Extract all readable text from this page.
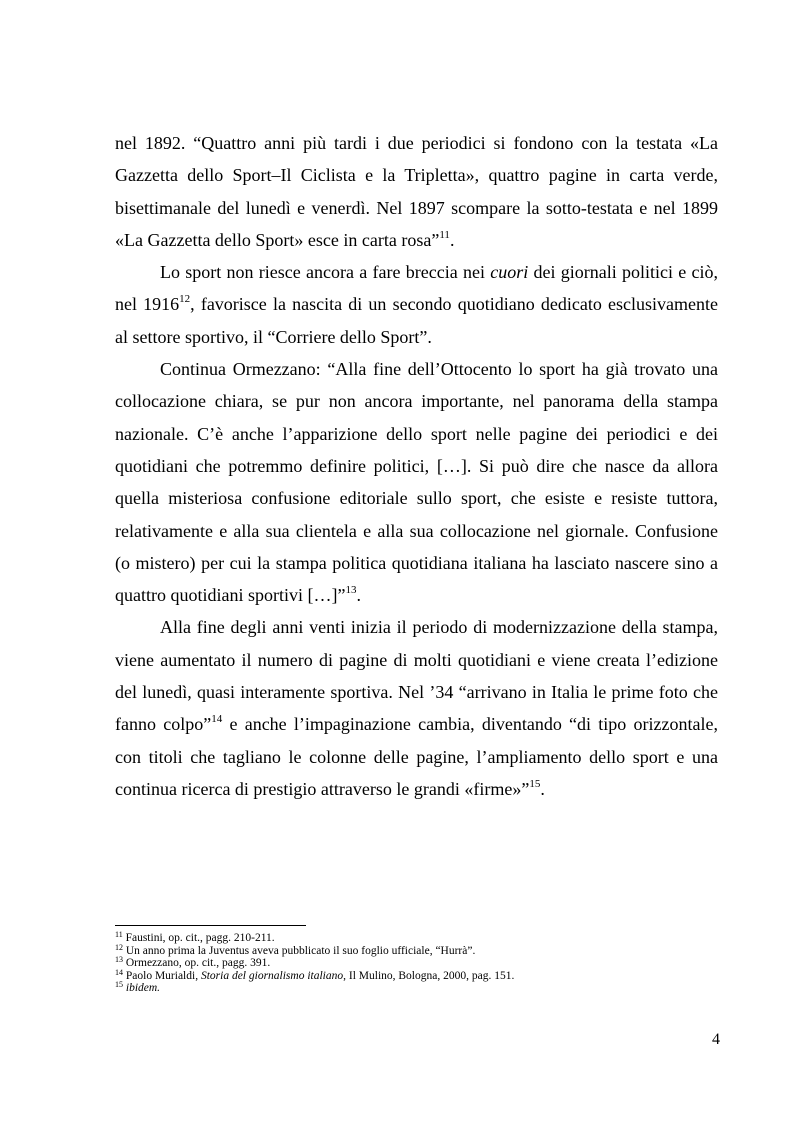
nel 1892. “Quattro anni più tardi i due periodici si fondono con la testata «La Gazzetta dello Sport–Il Ciclista e la Tripletta», quattro pagine in carta verde, bisettimanale del lunedì e venerdì. Nel 1897 scompare la sotto-testata e nel 1899 «La Gazzetta dello Sport» esce in carta rosa”$^{11}$.

Lo sport non riesce ancora a fare breccia nei cuori dei giornali politici e ciò, nel 1916$^{12}$, favorisce la nascita di un secondo quotidiano dedicato esclusivamente al settore sportivo, il “Corriere dello Sport”.

Continua Ormezzano: “Alla fine dell’Ottocento lo sport ha già trovato una collocazione chiara, se pur non ancora importante, nel panorama della stampa nazionale. C’è anche l’apparizione dello sport nelle pagine dei periodici e dei quotidiani che potremmo definire politici, […]. Si può dire che nasce da allora quella misteriosa confusione editoriale sullo sport, che esiste e resiste tuttora, relativamente e alla sua clientela e alla sua collocazione nel giornale. Confusione (o mistero) per cui la stampa politica quotidiana italiana ha lasciato nascere sino a quattro quotidiani sportivi […]”$^{13}$.

Alla fine degli anni venti inizia il periodo di modernizzazione della stampa, viene aumentato il numero di pagine di molti quotidiani e viene creata l’edizione del lunedì, quasi interamente sportiva. Nel ’34 “arrivano in Italia le prime foto che fanno colpo”$^{14}$ e anche l’impaginazione cambia, diventando “di tipo orizzontale, con titoli che tagliano le colonne delle pagine, l’ampliamento dello sport e una continua ricerca di prestigio attraverso le grandi «firme»”$^{15}$.

$^{11}$ Faustini, op. cit., pagg. 210-211.

$^{12}$ Un anno prima la Juventus aveva pubblicato il suo foglio ufficiale, “Hurrà”.

$^{13}$ Ormezzano, op. cit., pagg. 391.

$^{14}$ Paolo Murialdi, Storia del giornalismo italiano, Il Mulino, Bologna, 2000, pag. 151.

$^{15}$ ibidem.

4
